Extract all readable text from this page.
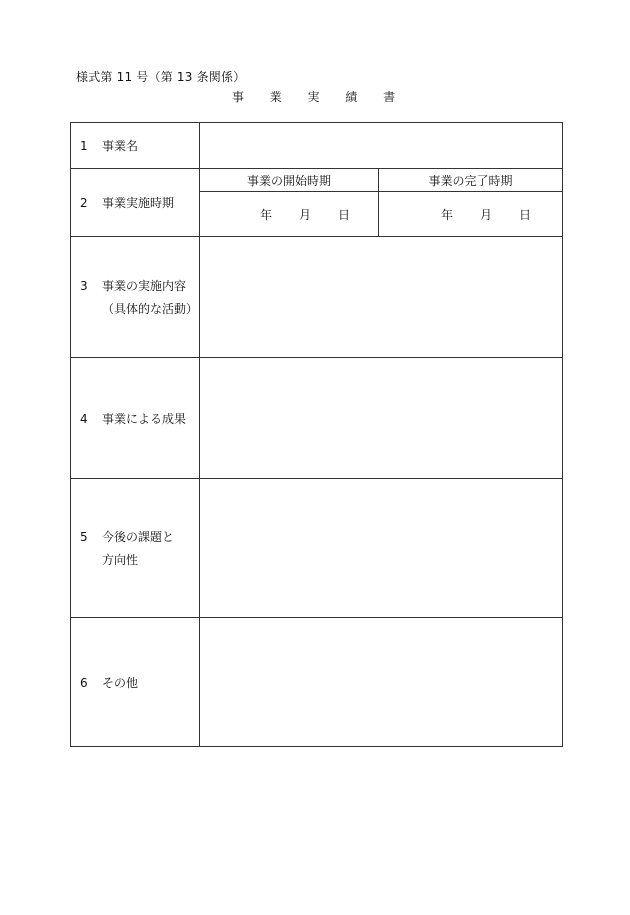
様式第 11 号（第 13 条関係）
事 業 実 績 書
1 事業名		
2 事業実施時期	事業の開始時期	事業の完了時期
	年 月 日	年 月 日
3 事業の実施内容
（具体的な活動）		

4 事業による成果		
5 今後の課題と
方向性		

6 その他		
